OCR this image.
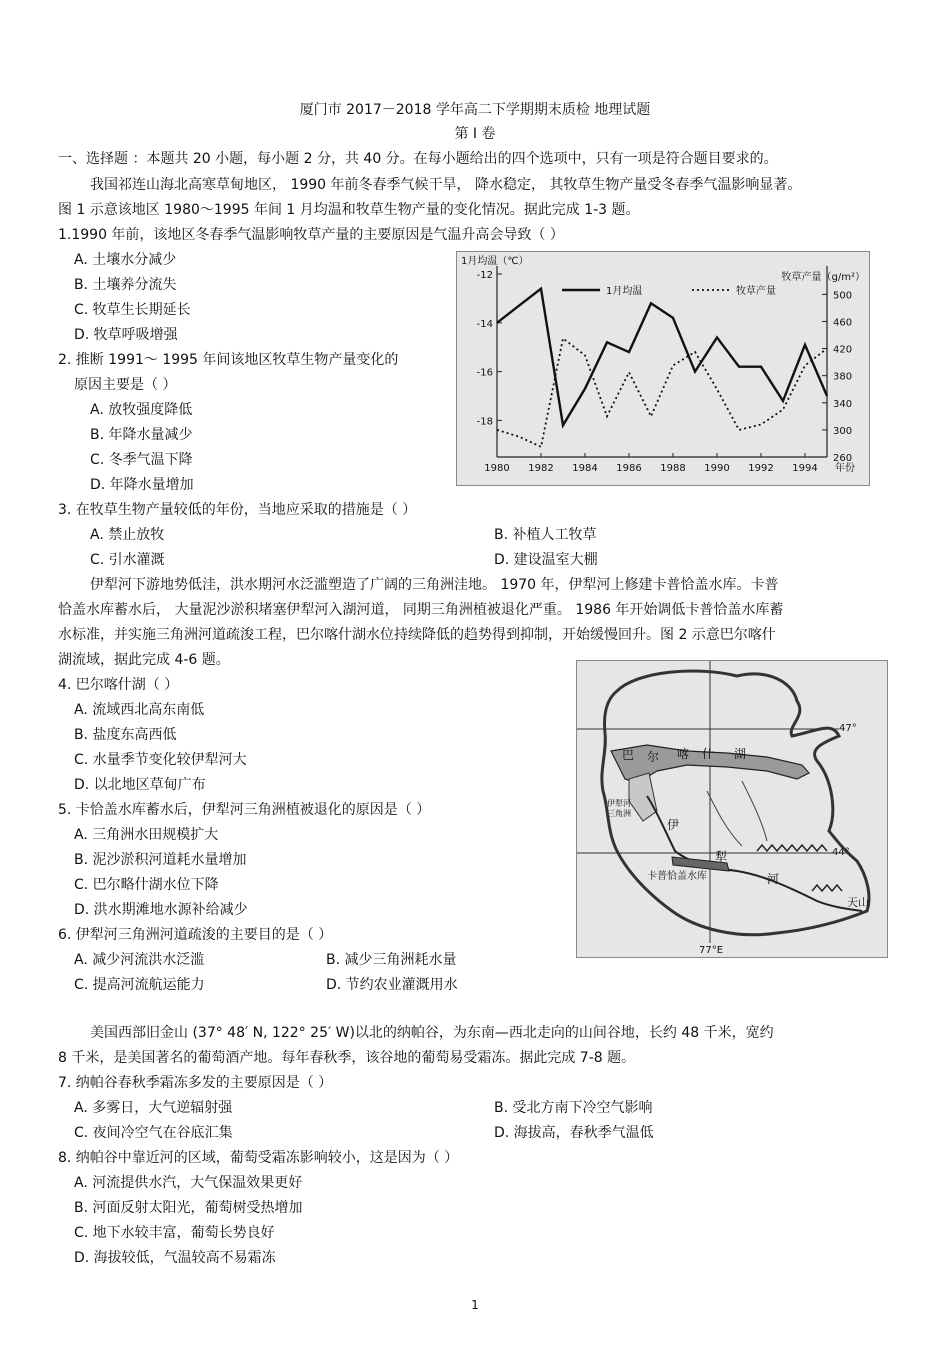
厦门市 2017－2018 学年高二下学期期末质检 地理试题
第 I 卷
一、选择题 ：本题共 20 小题，每小题 2 分，共 40 分。在每小题给出的四个选项中，只有一项是符合题目要求的。
我国祁连山海北高寒草甸地区， 1990 年前冬春季气候干旱， 降水稳定， 其牧草生物产量受冬春季气温影响显著。
图 1 示意该地区 1980～1995 年间 1 月均温和牧草生物产量的变化情况。据此完成 1-3 题。
1.1990 年前，该地区冬春季气温影响牧草产量的主要原因是气温升高会导致（ ）
A. 土壤水分减少
B. 土壤养分流失
C. 牧草生长期延长
D. 牧草呼吸增强
2. 推断 1991～ 1995 年间该地区牧草生物产量变化的
原因主要是（ ）
A. 放牧强度降低
B. 年降水量减少
C. 冬季气温下降
D. 年降水量增加
-12
-14
-16
-18
500
460
420
380
340
300
260
1980 1982 1984 1986 1988 1990 1992 1994 年份
1月均温（℃）
牧草产量（g/m²）
1月均温	牧草产量
3. 在牧草生物产量较低的年份，当地应采取的措施是（ ）
A. 禁止放牧	B. 补植人工牧草
C. 引水灌溉	D. 建设温室大棚
伊犁河下游地势低洼，洪水期河水泛滥塑造了广阔的三角洲洼地。 1970 年，伊犁河上修建卡普恰盖水库。卡普
恰盖水库蓄水后， 大量泥沙淤积堵塞伊犁河入湖河道， 同期三角洲植被退化严重。 1986 年开始调低卡普恰盖水库蓄
水标准，并实施三角洲河道疏浚工程，巴尔喀什湖水位持续降低的趋势得到抑制，开始缓慢回升。图 2 示意巴尔喀什
湖流域，据此完成 4-6 题。
4. 巴尔喀什湖（ ）
A. 流域西北高东南低
B. 盐度东高西低
C. 水量季节变化较伊犁河大
D. 以北地区草甸广布
5. 卡恰盖水库蓄水后，伊犁河三角洲植被退化的原因是（ ）
A. 三角洲水田规模扩大
B. 泥沙淤积河道耗水量增加
C. 巴尔略什湖水位下降
D. 洪水期滩地水源补给减少
6. 伊犁河三角洲河道疏浚的主要目的是（ ）
A. 减少河流洪水泛滥	B. 减少三角洲耗水量
C. 提高河流航运能力	D. 节约农业灌溉用水
巴 尔 喀 什 湖
伊犁河
三角洲
伊
犁
河
卡普恰盖水库
天山
47°
44°
77°E
美国西部旧金山 (37° 48′ N, 122° 25′ W)以北的纳帕谷，为东南—西北走向的山间谷地，长约 48 千米，宽约
8 千米，是美国著名的葡萄酒产地。每年春秋季，该谷地的葡萄易受霜冻。据此完成 7-8 题。
7. 纳帕谷春秋季霜冻多发的主要原因是（ ）
A. 多雾日，大气逆辐射强	B. 受北方南下冷空气影响
C. 夜间冷空气在谷底汇集	D. 海拔高，春秋季气温低
8. 纳帕谷中靠近河的区域，葡萄受霜冻影响较小，这是因为（ ）
A. 河流提供水汽，大气保温效果更好
B. 河面反射太阳光，葡萄树受热增加
C. 地下水较丰富，葡萄长势良好
D. 海拔较低，气温较高不易霜冻
1
